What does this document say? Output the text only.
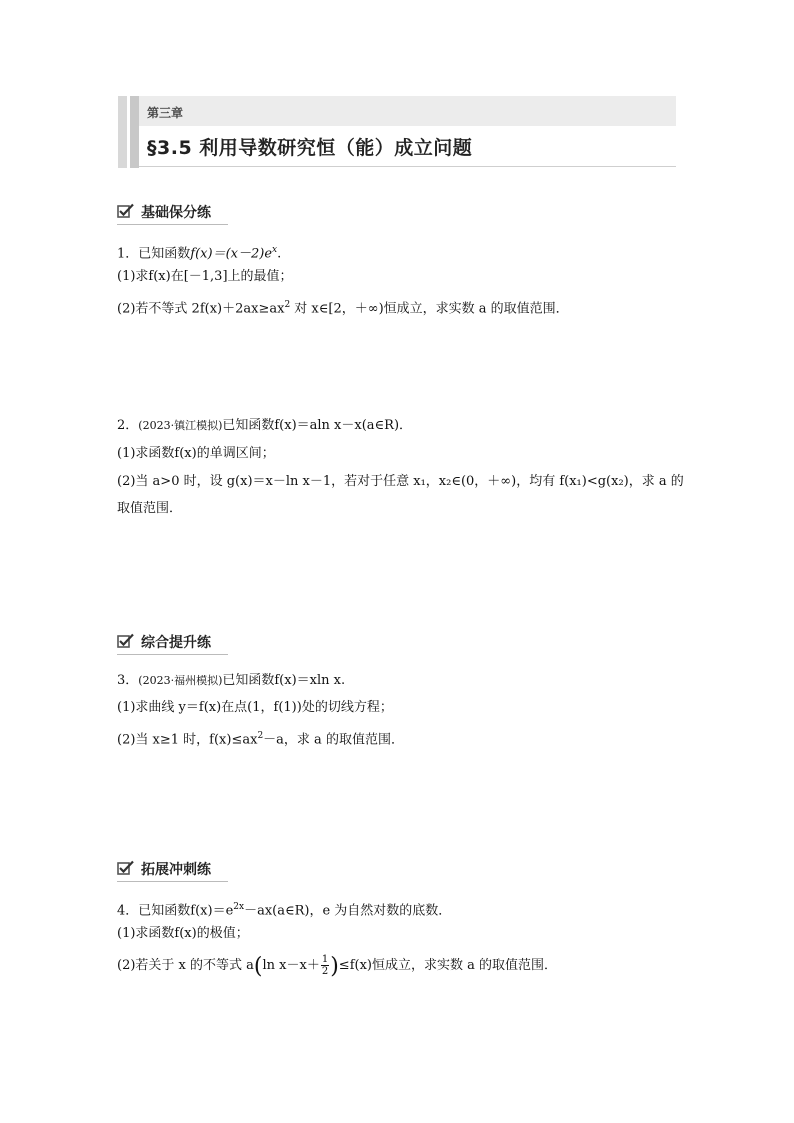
第三章
§3.5 利用导数研究恒（能）成立问题
基础保分练
1．已知函数$f(x)=(x-2)e^x$.
(1)求f(x)在[－1,3]上的最值；
(2)若不等式 $2f(x)+2ax\ge ax^2$ 对 x∈[2，＋∞)恒成立，求实数 a 的取值范围．
2．(2023·镇江模拟)已知函数f(x)＝aln x－x(a∈R)．
(1)求函数f(x)的单调区间；
(2)当 a>0 时，设 g(x)＝x－ln x－1，若对于任意 x₁，x₂∈(0，＋∞)，均有 f(x₁)<g(x₂)，求 a 的
取值范围．
综合提升练
3．(2023·福州模拟)已知函数f(x)＝xln x.
(1)求曲线 y＝f(x)在点(1，f(1))处的切线方程；
(2)当 x≥1 时，$f(x)\le ax^2-a$，求 a 的取值范围．
拓展冲刺练
4．已知函数$f(x)=e^{2x}-ax(a\in R)$，e 为自然对数的底数．
(1)求函数f(x)的极值；
(2)若关于 x 的不等式 a(ln $x-x+ \frac{1}{2} )\le f(x)$恒成立，求实数 a 的取值范围．
